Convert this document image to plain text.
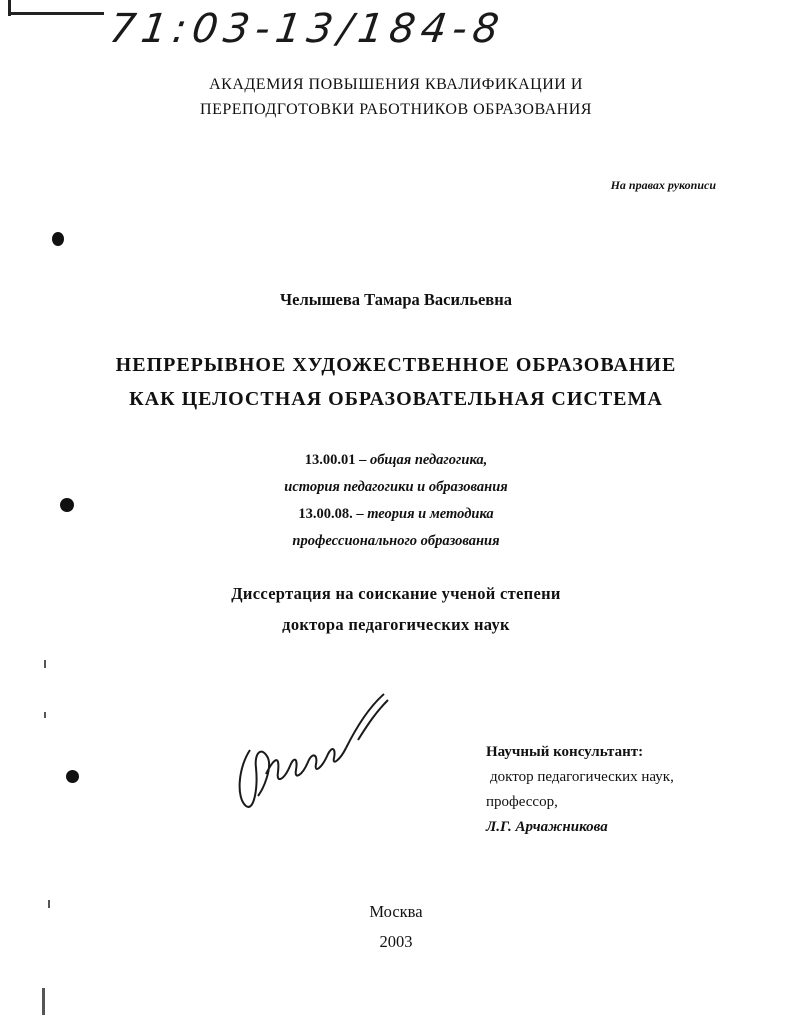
71:03-13/184-8
АКАДЕМИЯ ПОВЫШЕНИЯ КВАЛИФИКАЦИИ И
ПЕРЕПОДГОТОВКИ РАБОТНИКОВ ОБРАЗОВАНИЯ
На правах рукописи
Челышева Тамара Васильевна
НЕПРЕРЫВНОЕ ХУДОЖЕСТВЕННОЕ ОБРАЗОВАНИЕ
КАК ЦЕЛОСТНАЯ ОБРАЗОВАТЕЛЬНАЯ СИСТЕМА
13.00.01 – общая педагогика,
история педагогики и образования
13.00.08. – теория и методика
профессионального образования
Диссертация на соискание ученой степени
доктора педагогических наук
Научный консультант:
доктор педагогических наук,
профессор,
Л.Г. Арчажникова
Москва
2003
